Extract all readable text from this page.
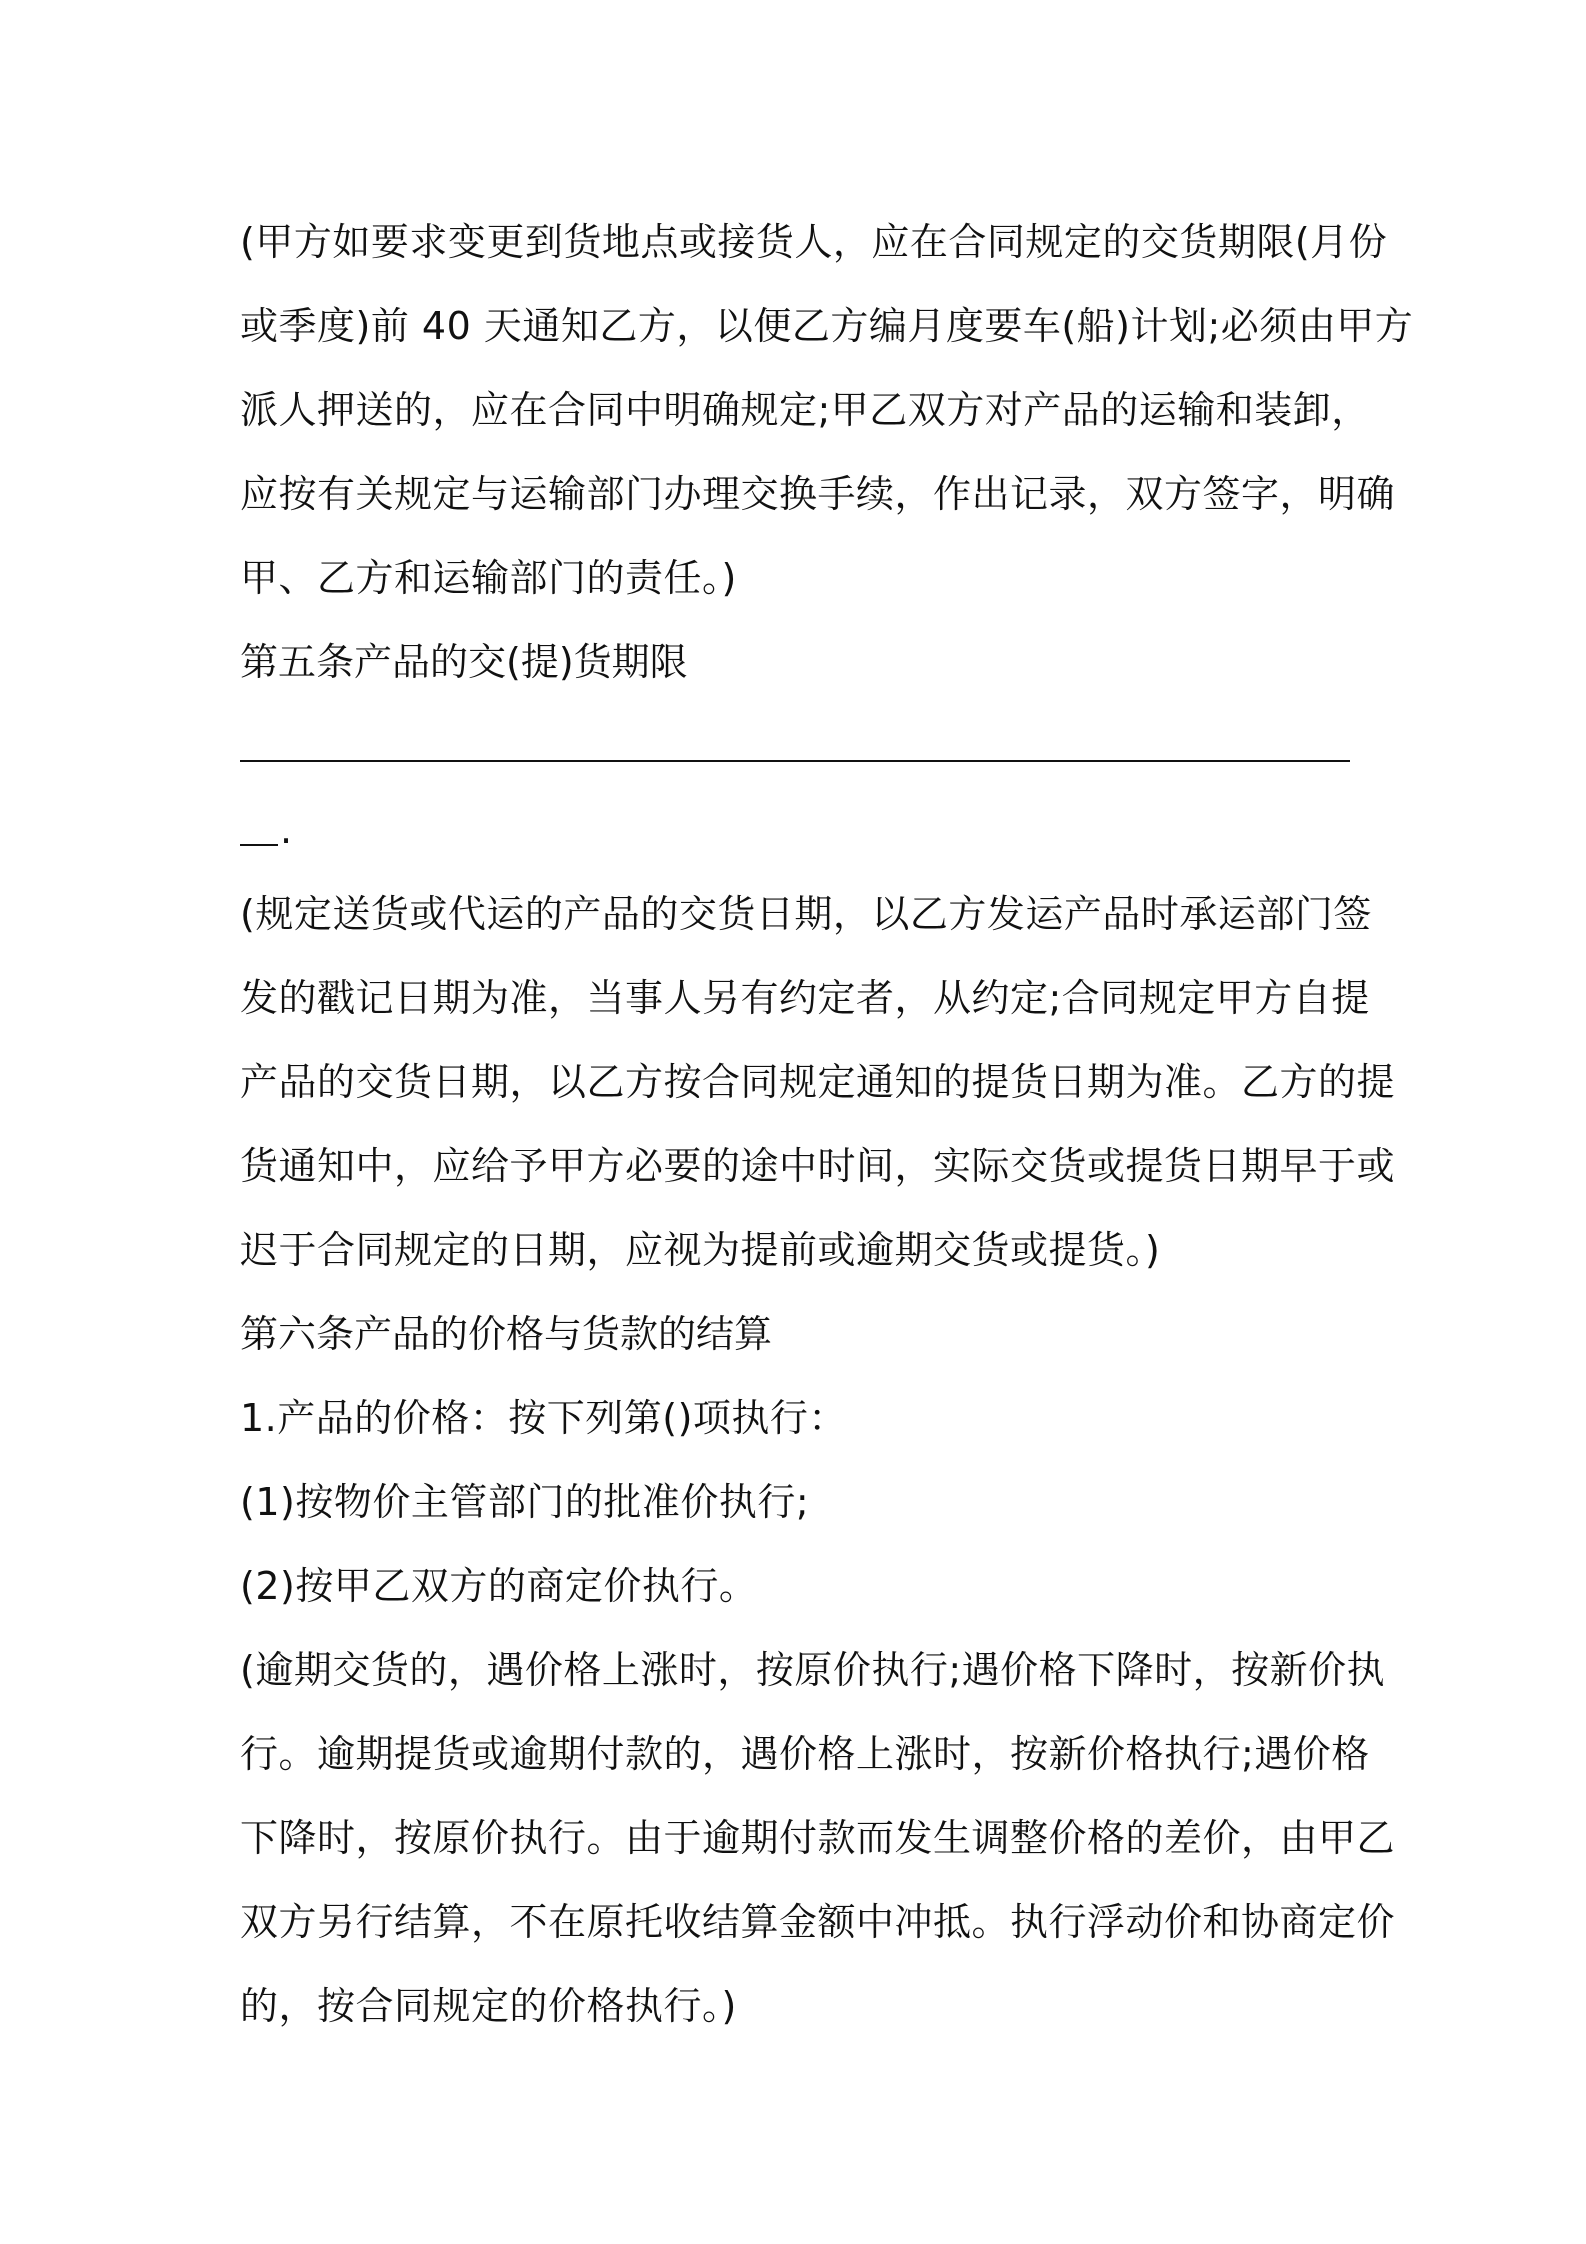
(甲方如要求变更到货地点或接货人，应在合同规定的交货期限(月份
或季度)前 40 天通知乙方，以便乙方编月度要车(船)计划;必须由甲方
派人押送的，应在合同中明确规定;甲乙双方对产品的运输和装卸，
应按有关规定与运输部门办理交换手续，作出记录，双方签字，明确
甲、乙方和运输部门的责任。)
第五条产品的交(提)货期限
.
(规定送货或代运的产品的交货日期，以乙方发运产品时承运部门签
发的戳记日期为准，当事人另有约定者，从约定;合同规定甲方自提
产品的交货日期，以乙方按合同规定通知的提货日期为准。乙方的提
货通知中，应给予甲方必要的途中时间，实际交货或提货日期早于或
迟于合同规定的日期，应视为提前或逾期交货或提货。)
第六条产品的价格与货款的结算
1.产品的价格：按下列第()项执行：
(1)按物价主管部门的批准价执行;
(2)按甲乙双方的商定价执行。
(逾期交货的，遇价格上涨时，按原价执行;遇价格下降时，按新价执
行。逾期提货或逾期付款的，遇价格上涨时，按新价格执行;遇价格
下降时，按原价执行。由于逾期付款而发生调整价格的差价，由甲乙
双方另行结算，不在原托收结算金额中冲抵。执行浮动价和协商定价
的，按合同规定的价格执行。)
